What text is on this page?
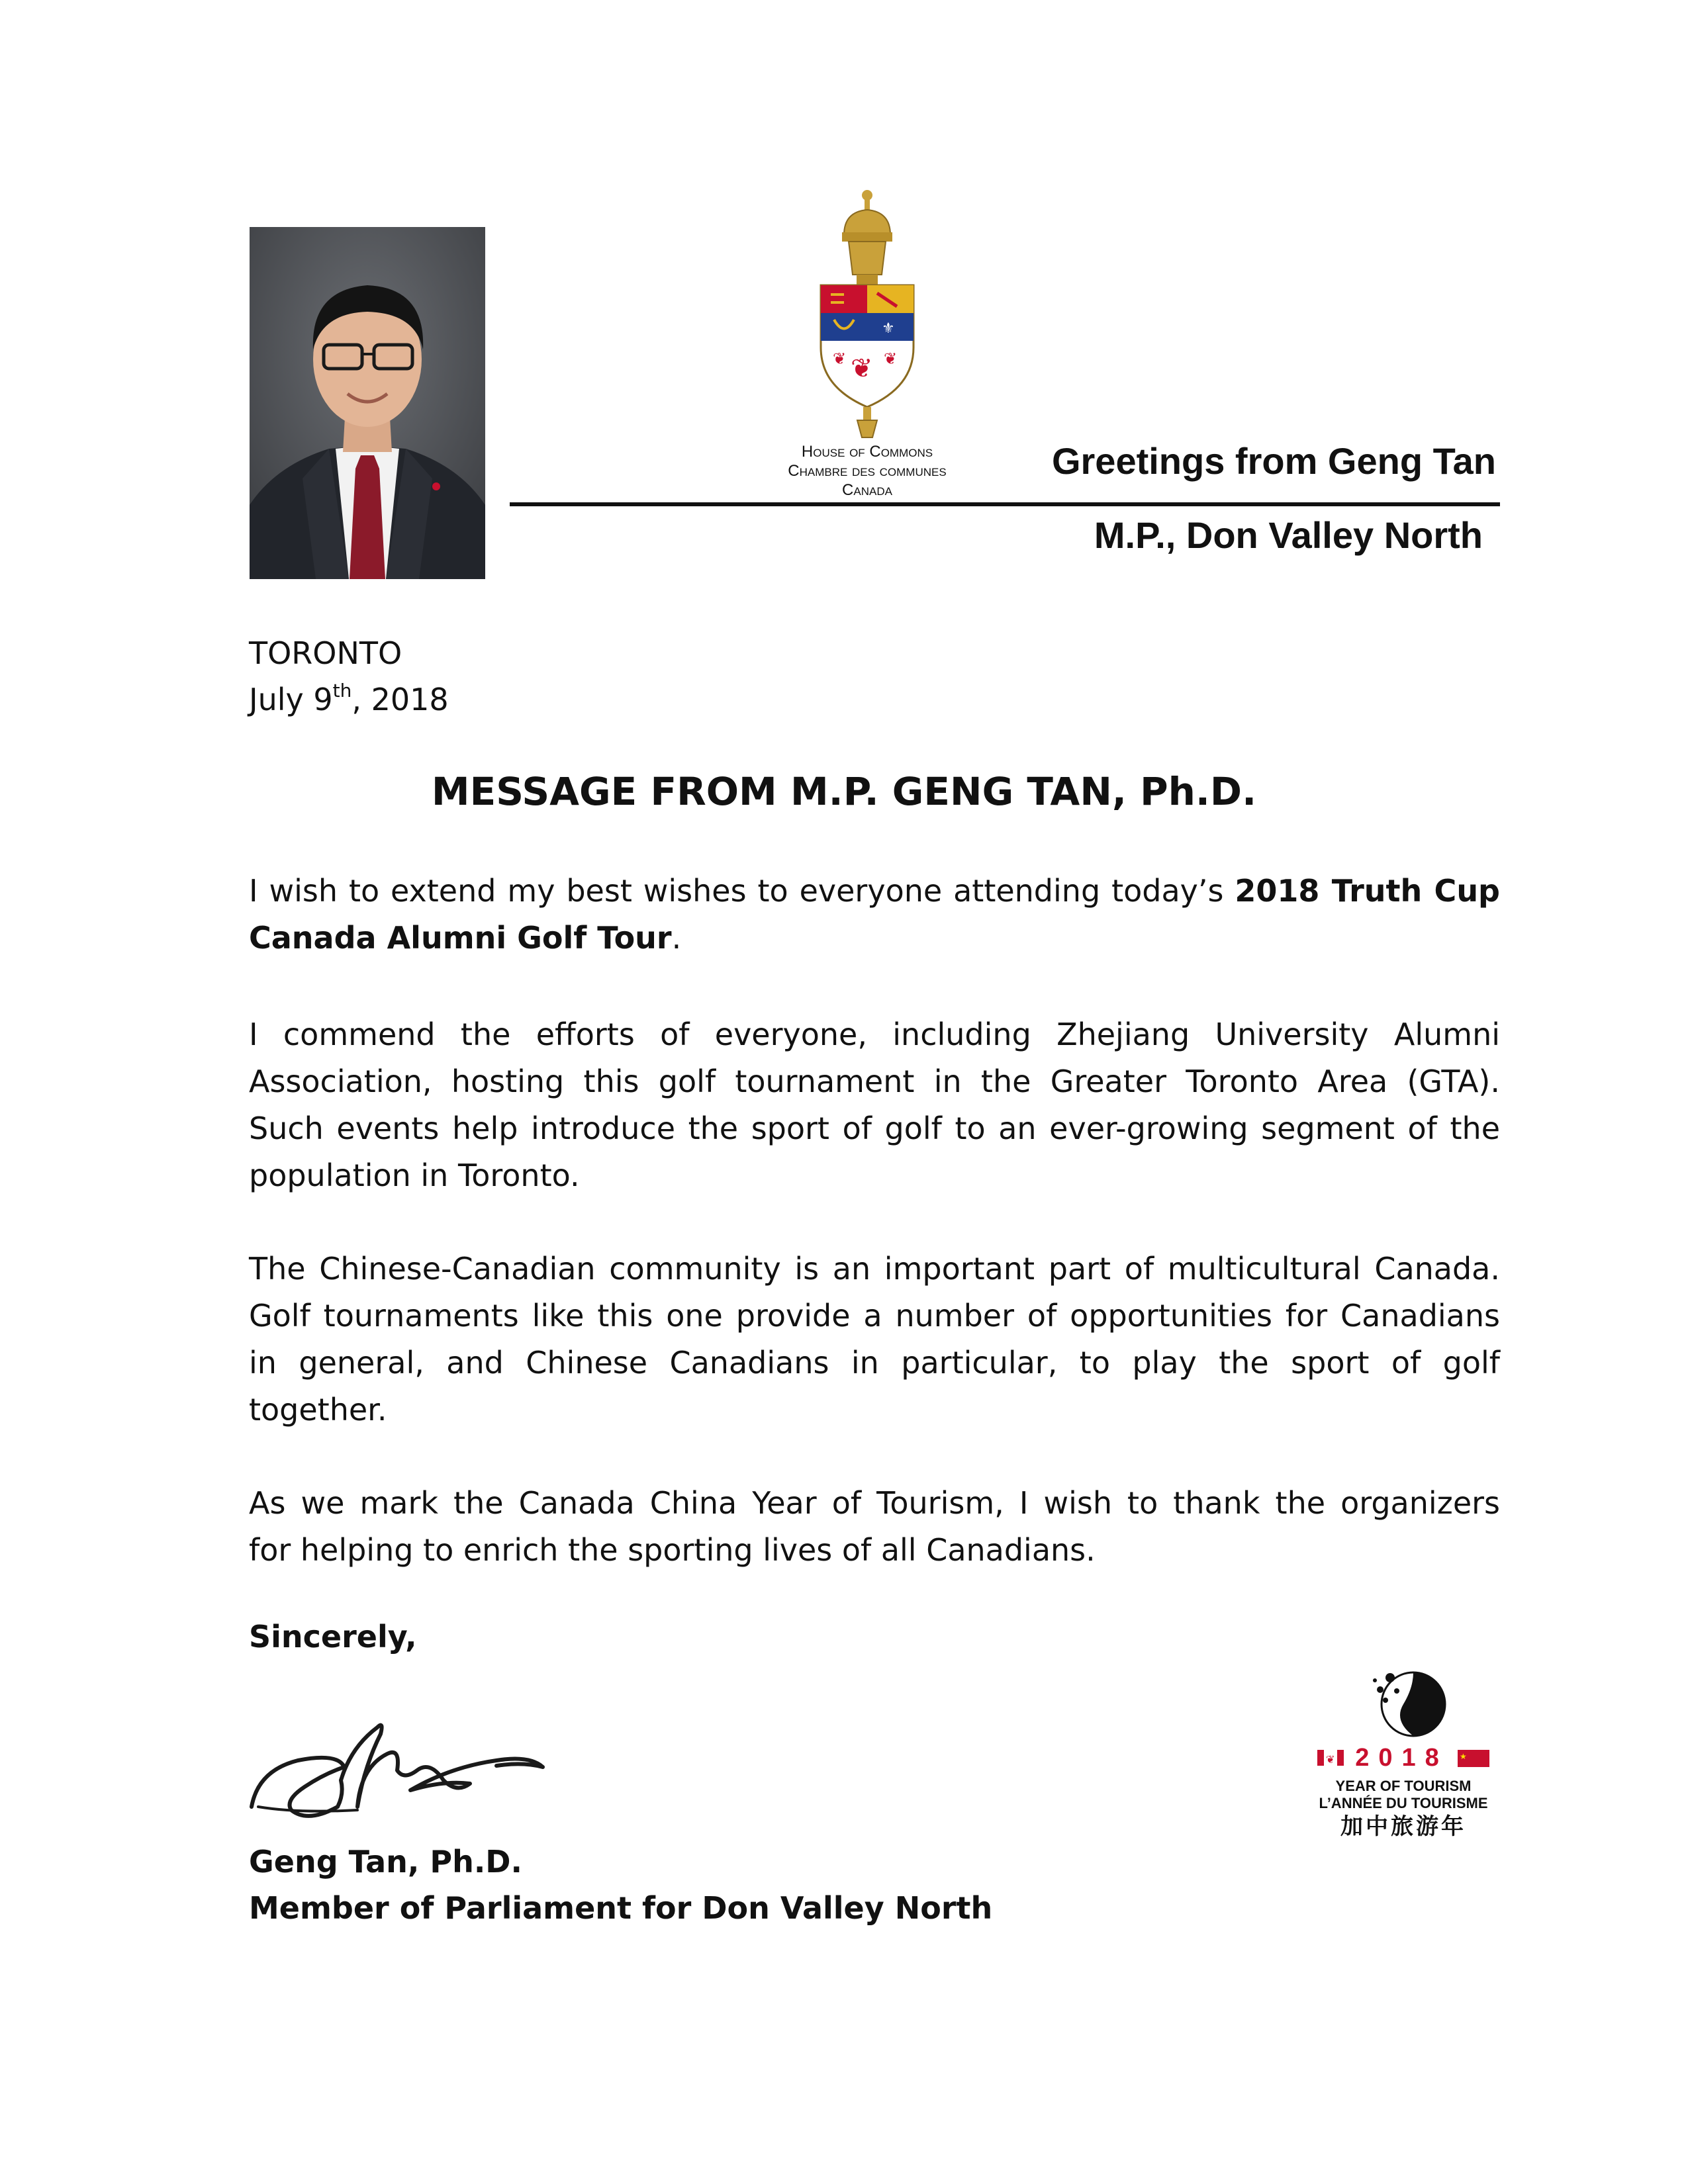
⚜
❦
❦ ❦
House of Commons
Chambre des communes
Canada
Greetings from Geng Tan
M.P., Don Valley North
TORONTO
July 9th, 2018
MESSAGE FROM M.P. GENG TAN, Ph.D.
I wish to extend my best wishes to everyone attending today’s 2018 Truth Cup
Canada Alumni Golf Tour.
I commend the efforts of everyone, including Zhejiang University Alumni
Association, hosting this golf tournament in the Greater Toronto Area (GTA).
Such events help introduce the sport of golf to an ever-growing segment of the
population in Toronto.
The Chinese-Canadian community is an important part of multicultural Canada.
Golf tournaments like this one provide a number of opportunities for Canadians
in general, and Chinese Canadians in particular, to play the sport of golf
together.
As we mark the Canada China Year of Tourism, I wish to thank the organizers
for helping to enrich the sporting lives of all Canadians.
Sincerely,
Geng Tan, Ph.D.
Member of Parliament for Don Valley North
❦	★
2018
YEAR OF TOURISM
L’ANNÉE DU TOURISME
加中旅游年
